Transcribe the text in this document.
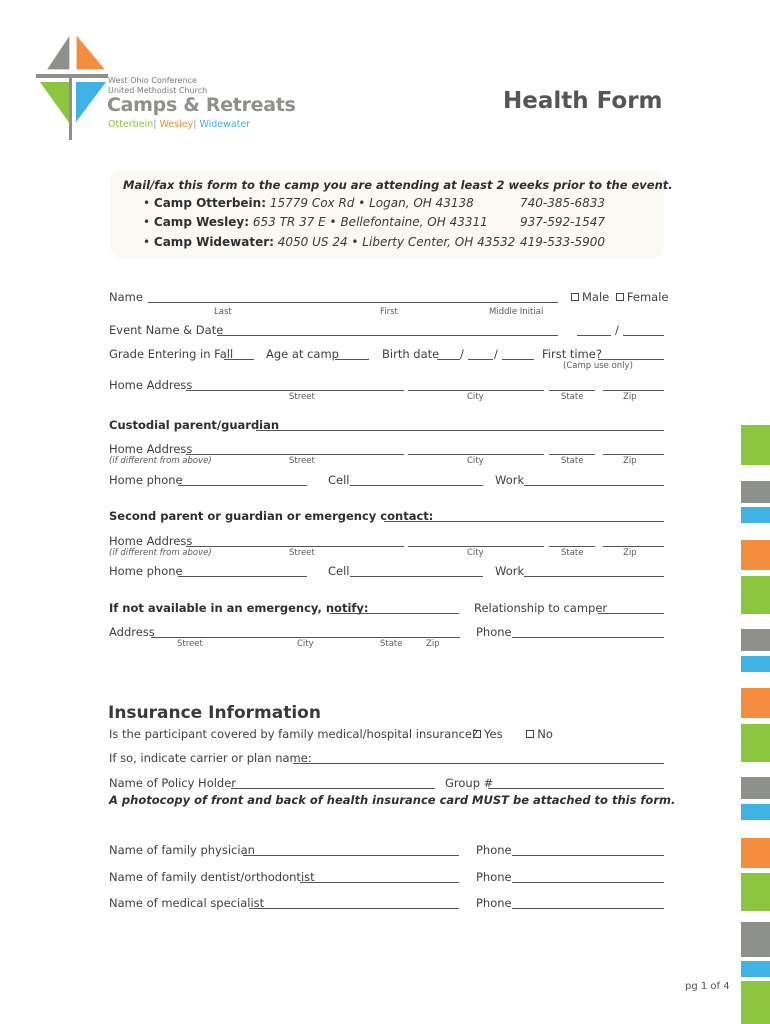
West Ohio Conference
United Methodist Church
Camps & Retreats
Otterbein| Wesley| Widewater
Health Form
Mail/fax this form to the camp you are attending at least 2 weeks prior to the event.
• Camp Otterbein: 15779 Cox Rd • Logan, OH 43138	740-385-6833
• Camp Wesley: 653 TR 37 E • Bellefontaine, OH 43311	937-592-1547
• Camp Widewater: 4050 US 24 • Liberty Center, OH 43532 419-533-5900
Name
Last	First	Middle Initial
Male Female
Event Name & Date	/
Grade Entering in Fall	Age at camp	Birth date /	/	First time?
(Camp use only)
Home Address
Street	City	State	Zip
Custodial parent/guardian
Home Address
(if different from above)	Street	City	State	Zip
Home phone	Cell	Work
Second parent or guardian or emergency contact:
Home Address
(if different from above)	Street	City	State	Zip
Home phone	Cell	Work
If not available in an emergency, notify:	Relationship to camper
Address	Phone
Street	City	State	Zip
Insurance Information
Is the participant covered by family medical/hospital insurance? Yes	No
If so, indicate carrier or plan name:
Name of Policy Holder	Group #
A photocopy of front and back of health insurance card MUST be attached to this form.
Name of family physician	Phone
Name of family dentist/orthodontist	Phone
Name of medical specialist	Phone
pg 1 of 4
